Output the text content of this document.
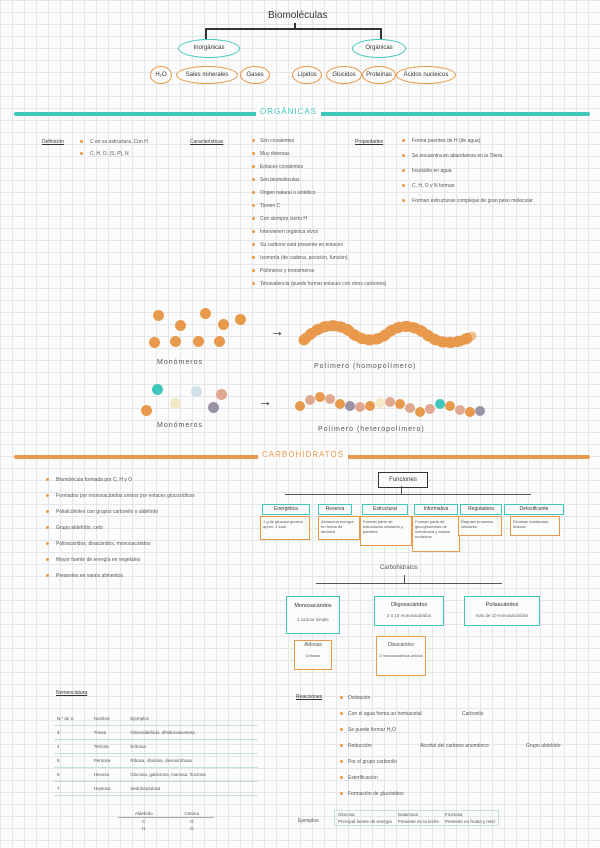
Biomoléculas
Inorgánicas	Orgánicas
H₂O	Sales minerales	Gases	Lípidos	Glúcidos	Proteínas	Ácidos nucleicos
ORGÁNICAS
Definición	C en su estructura. Con H
C, H, O, (S, P), N
Características	Son covalentes
Muy diversas
Enlaces covalentes
Son biomoléculas
Origen natural o sintético
Tienen C
Con siempre cierto H
Intervienen orgánica vivos
Su carbono está presente en enlaces
Isomería (de cadena, posición, función)
Polímeros y monómeros
Tetravalencia (puede formar enlaces con otros carbonos)
Propiedades	Forma puentes de H (de agua)
Se encuentra en abundancia en la Tierra
Insoluble en agua
C, H, O y N forman
Forman estructuras complejas de gran peso molecular
Monómeros
→
Polímero (homopolímero)
Monómeros
→
Polímero (heteropolímero)
CARBOHIDRATOS
Biomolécula formada por C, H y O
Formados por monosacáridos unidos por enlaces glucosídicos
Polialcoholes con grupos carbonilo o aldehído
Grupo aldehído, ceto
Polisacáridos, disacáridos, monosacáridos
Mayor fuente de energía en vegetales
Presentes en varios alimentos
Funciones
Energética
1 g de glucosa genera aprox. 4 kcal
Reserva
Almacena energía en forma de almidón
Estructural
Forman parte de estructuras celulares y paredes
Informativa
Forman parte de glucoproteínas de membrana y ácidos nucleicos
Reguladora
Regulan procesos celulares
Detoxificante
Eliminan sustancias tóxicas
Carbohidratos
Monosacáridos
1 azúcar simple
Oligosacáridos
2 a 10 monosacáridos
Polisacáridos
más de 10 monosacáridos
Aldosas
Cetosas
Disacáridos
2 monosacáridos unidos
Nomenclatura
N.º de C	Nombre	Ejemplos
3	Triosa	Gliceraldehído, dihidroxiacetona
4	Tetrosa	Eritrosa
5	Pentosa	Ribosa, ribulosa, desoxirribosa
6	Hexosa	Glucosa, galactosa, manosa, fructosa
7	Heptosa	Sedoheptulosa
Aldehído	Cetona
C	O
H	O
Reacciones	Oxidación
Con el agua forma un hemiacetal
Se puede formar H₂O
Reducción
Por el grupo carbonilo
Esterificación
Formación de glucósidos
Carbonilo
Alcohol del carbono anomérico	Grupo aldehído
Ejemplos
Glucosa	Galactosa	Fructosa
Principal fuente de energía	Presente en la leche	Presente en frutas y miel
